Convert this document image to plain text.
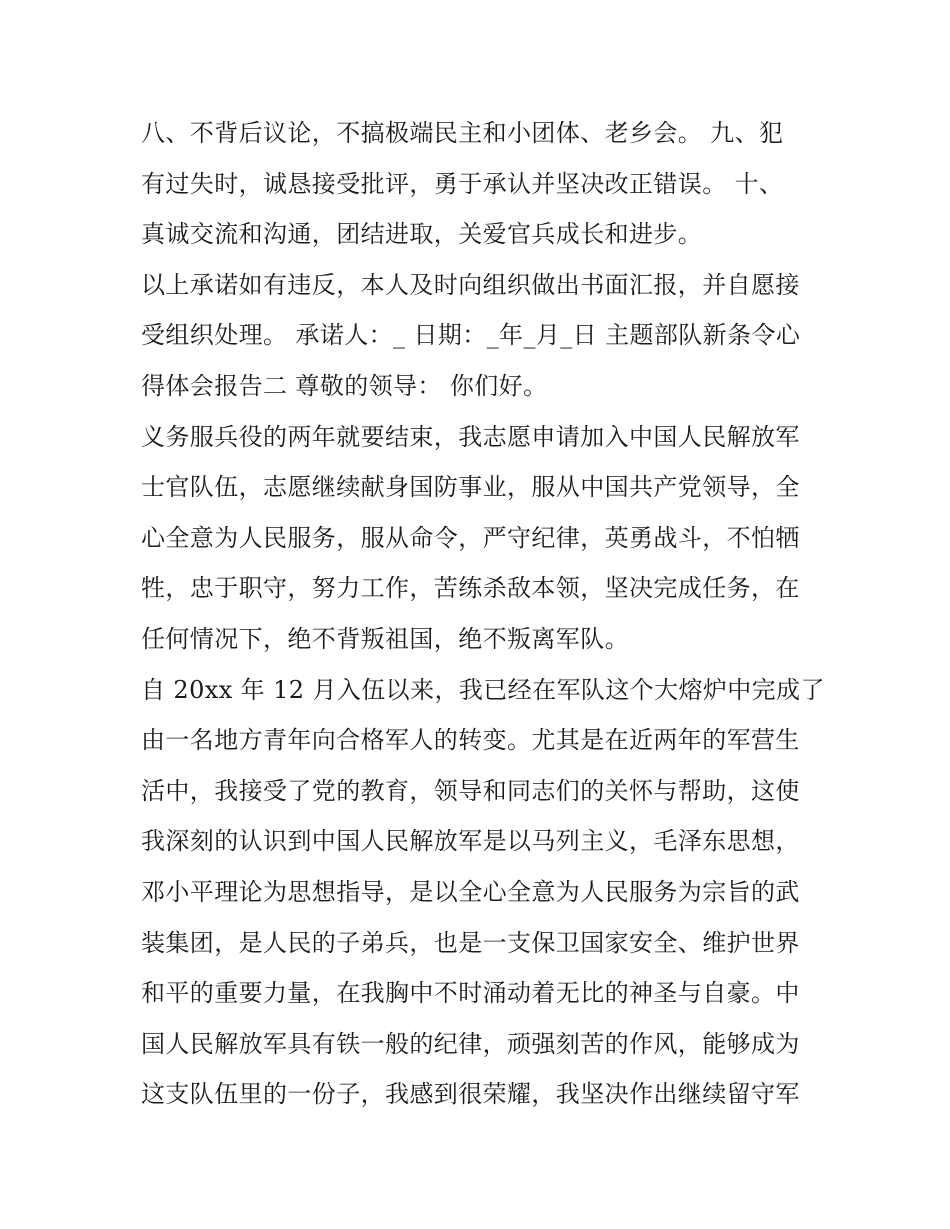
八、不背后议论，不搞极端民主和小团体、老乡会。 九、犯
有过失时，诚恳接受批评，勇于承认并坚决改正错误。 十、
真诚交流和沟通，团结进取，关爱官兵成长和进步。
以上承诺如有违反，本人及时向组织做出书面汇报，并自愿接
受组织处理。 承诺人：_ 日期：_年_月_日 主题部队新条令心
得体会报告二 尊敬的领导： 你们好。
义务服兵役的两年就要结束，我志愿申请加入中国人民解放军
士官队伍，志愿继续献身国防事业，服从中国共产党领导，全
心全意为人民服务，服从命令，严守纪律，英勇战斗，不怕牺
牲，忠于职守，努力工作，苦练杀敌本领，坚决完成任务，在
任何情况下，绝不背叛祖国，绝不叛离军队。
自 20xx 年 12 月入伍以来，我已经在军队这个大熔炉中完成了
由一名地方青年向合格军人的转变。尤其是在近两年的军营生
活中，我接受了党的教育，领导和同志们的关怀与帮助，这使
我深刻的认识到中国人民解放军是以马列主义，毛泽东思想，
邓小平理论为思想指导，是以全心全意为人民服务为宗旨的武
装集团，是人民的子弟兵，也是一支保卫国家安全、维护世界
和平的重要力量，在我胸中不时涌动着无比的神圣与自豪。中
国人民解放军具有铁一般的纪律，顽强刻苦的作风，能够成为
这支队伍里的一份子，我感到很荣耀，我坚决作出继续留守军
